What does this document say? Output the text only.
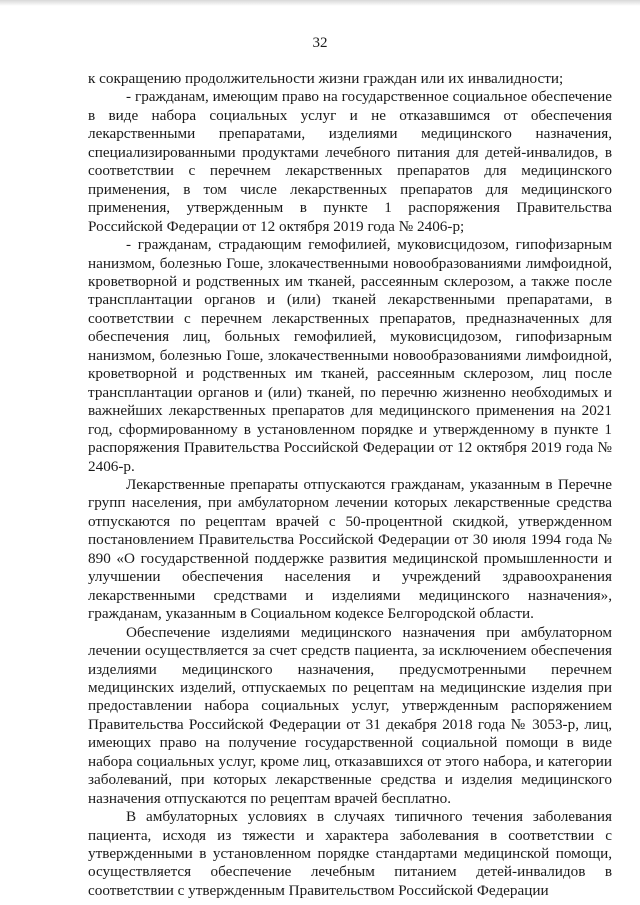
32

к сокращению продолжительности жизни граждан или их инвалидности;

- гражданам, имеющим право на государственное социальное обеспечение в виде набора социальных услуг и не отказавшимся от обеспечения лекарственными препаратами, изделиями медицинского назначения, специализированными продуктами лечебного питания для детей-инвалидов, в соответствии с перечнем лекарственных препаратов для медицинского применения, в том числе лекарственных препаратов для медицинского применения, утвержденным в пункте 1 распоряжения Правительства Российской Федерации от 12 октября 2019 года № 2406-р;

- гражданам, страдающим гемофилией, муковисцидозом, гипофизарным нанизмом, болезнью Гоше, злокачественными новообразованиями лимфоидной, кроветворной и родственных им тканей, рассеянным склерозом, а также после трансплантации органов и (или) тканей лекарственными препаратами, в соответствии с перечнем лекарственных препаратов, предназначенных для обеспечения лиц, больных гемофилией, муковисцидозом, гипофизарным нанизмом, болезнью Гоше, злокачественными новообразованиями лимфоидной, кроветворной и родственных им тканей, рассеянным склерозом, лиц после трансплантации органов и (или) тканей, по перечню жизненно необходимых и важнейших лекарственных препаратов для медицинского применения на 2021 год, сформированному в установленном порядке и утвержденному в пункте 1 распоряжения Правительства Российской Федерации от 12 октября 2019 года № 2406-р.

Лекарственные препараты отпускаются гражданам, указанным в Перечне групп населения, при амбулаторном лечении которых лекарственные средства отпускаются по рецептам врачей с 50-процентной скидкой, утвержденном постановлением Правительства Российской Федерации от 30 июля 1994 года № 890 «О государственной поддержке развития медицинской промышленности и улучшении обеспечения населения и учреждений здравоохранения лекарственными средствами и изделиями медицинского назначения», гражданам, указанным в Социальном кодексе Белгородской области.

Обеспечение изделиями медицинского назначения при амбулаторном лечении осуществляется за счет средств пациента, за исключением обеспечения изделиями медицинского назначения, предусмотренными перечнем медицинских изделий, отпускаемых по рецептам на медицинские изделия при предоставлении набора социальных услуг, утвержденным распоряжением Правительства Российской Федерации от 31 декабря 2018 года № 3053-р, лиц, имеющих право на получение государственной социальной помощи в виде набора социальных услуг, кроме лиц, отказавшихся от этого набора, и категории заболеваний, при которых лекарственные средства и изделия медицинского назначения отпускаются по рецептам врачей бесплатно.

В амбулаторных условиях в случаях типичного течения заболевания пациента, исходя из тяжести и характера заболевания в соответствии с утвержденными в установленном порядке стандартами медицинской помощи, осуществляется обеспечение лечебным питанием детей-инвалидов в соответствии с утвержденным Правительством Российской Федерации
